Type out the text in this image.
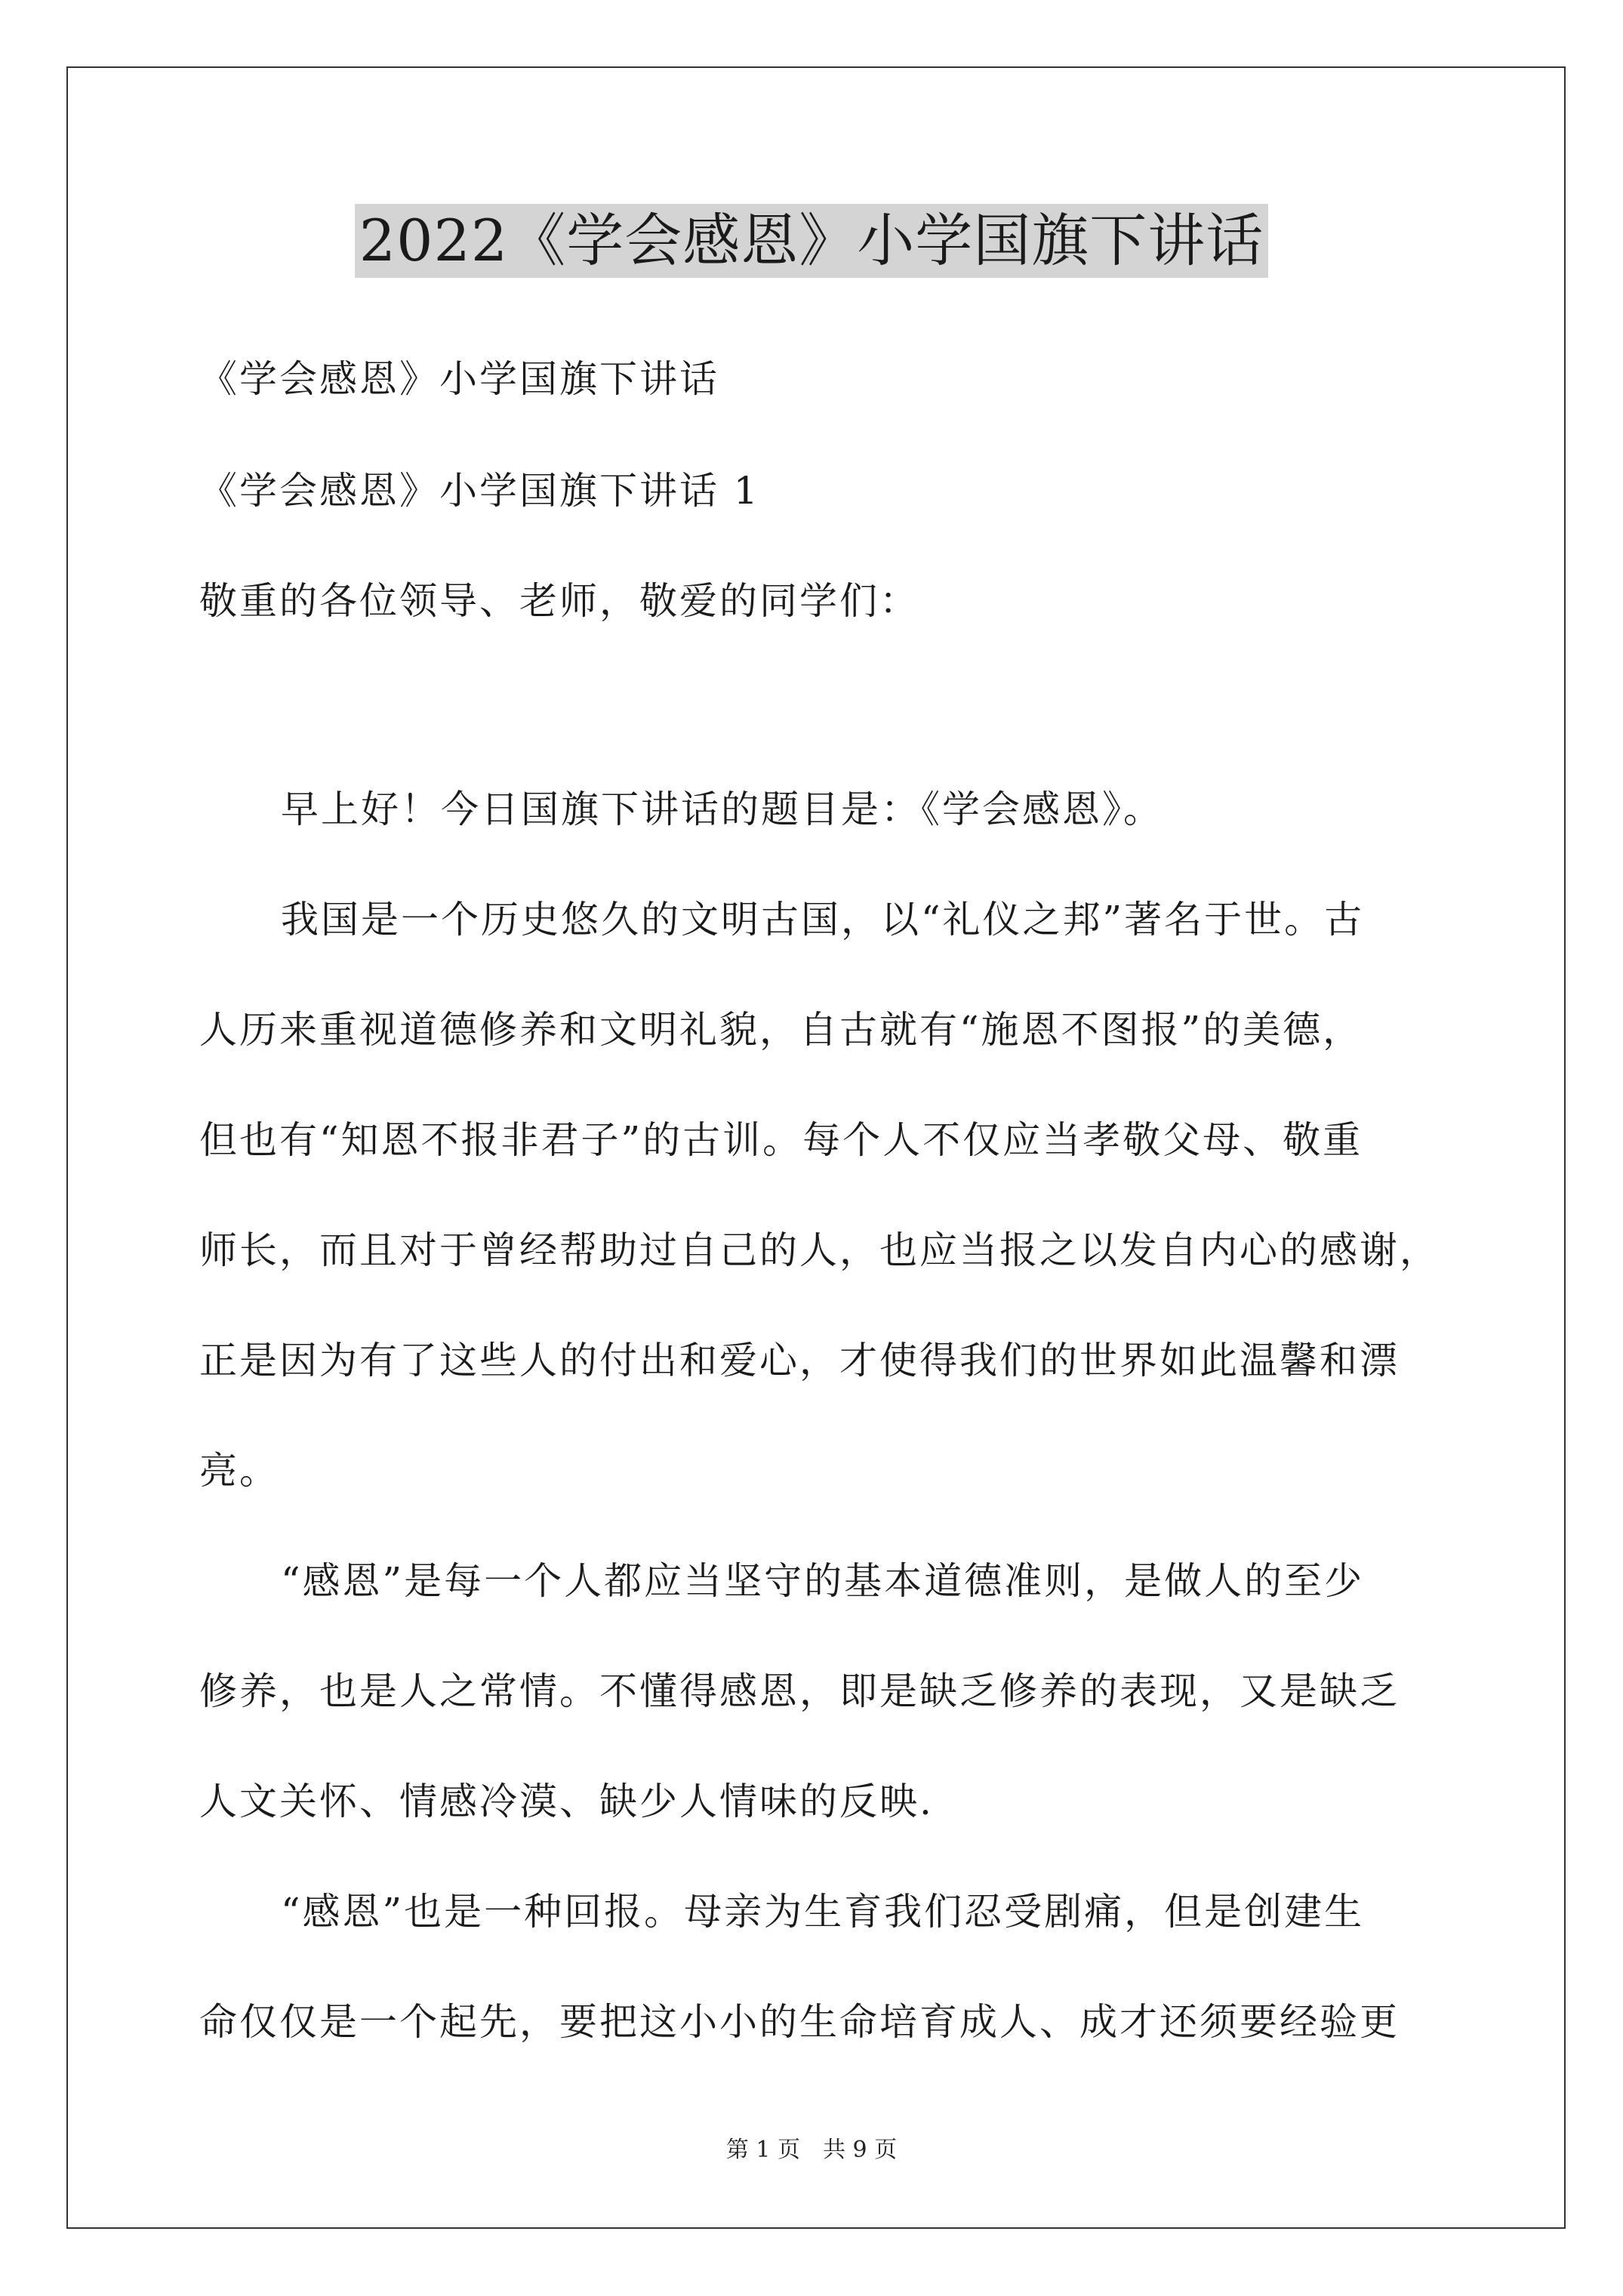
2022《学会感恩》小学国旗下讲话
《学会感恩》小学国旗下讲话
《学会感恩》小学国旗下讲话 1
敬重的各位领导、老师，敬爱的同学们：
早上好！今日国旗下讲话的题目是：《学会感恩》。
我国是一个历史悠久的文明古国，以“礼仪之邦”著名于世。古
人历来重视道德修养和文明礼貌，自古就有“施恩不图报”的美德，
但也有“知恩不报非君子”的古训。每个人不仅应当孝敬父母、敬重
师长，而且对于曾经帮助过自己的人，也应当报之以发自内心的感谢，
正是因为有了这些人的付出和爱心，才使得我们的世界如此温馨和漂
亮。
“感恩”是每一个人都应当坚守的基本道德准则，是做人的至少
修养，也是人之常情。不懂得感恩，即是缺乏修养的表现，又是缺乏
人文关怀、情感冷漠、缺少人情味的反映.
“感恩”也是一种回报。母亲为生育我们忍受剧痛，但是创建生
命仅仅是一个起先，要把这小小的生命培育成人、成才还须要经验更
第 1 页　共 9 页
